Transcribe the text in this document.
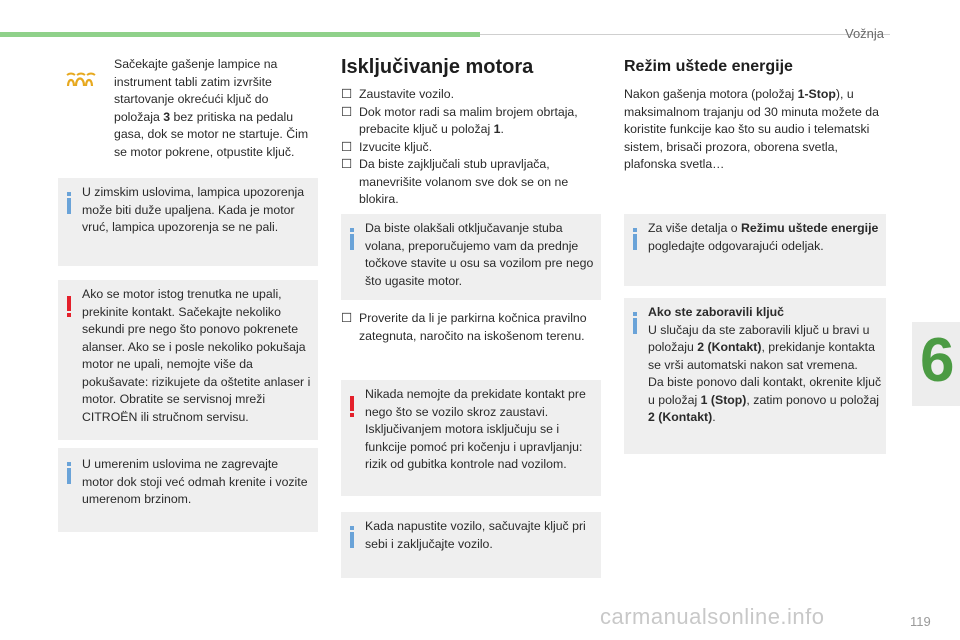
Vožnja
6
carmanualsonline.info	119

Sačekajte gašenje lampice na instrument tabli zatim izvršite startovanje okrećući ključ do položaja 3 bez pritiska na pedalu gasa, dok se motor ne startuje. Čim se motor pokrene, otpustite ključ.

U zimskim uslovima, lampica upozorenja može biti duže upaljena. Kada je motor vruć, lampica upozorenja se ne pali.

Ako se motor istog trenutka ne upali, prekinite kontakt. Sačekajte nekoliko sekundi pre nego što ponovo pokrenete alanser. Ako se i posle nekoliko pokušaja motor ne upali, nemojte više da pokušavate: rizikujete da oštetite anlaser i motor. Obratite se servisnoj mreži CITROËN ili stručnom servisu.

U umerenim uslovima ne zagrevajte motor dok stoji već odmah krenite i vozite umerenom brzinom.

Isključivanje motora
☐ Zaustavite vozilo.
☐ Dok motor radi sa malim brojem obrtaja, prebacite ključ u položaj 1.
☐ Izvucite ključ.
☐ Da biste zajključali stub upravljača, manevrišite volanom sve dok se on ne blokira.

Da biste olakšali otključavanje stuba volana, preporučujemo vam da prednje točkove stavite u osu sa vozilom pre nego što ugasite motor.

☐ Proverite da li je parkirna kočnica pravilno zategnuta, naročito na iskošenom terenu.

Nikada nemojte da prekidate kontakt pre nego što se vozilo skroz zaustavi. Isključivanjem motora isključuju se i funkcije pomoć pri kočenju i upravljanju: rizik od gubitka kontrole nad vozilom.

Kada napustite vozilo, sačuvajte ključ pri sebi i zaključajte vozilo.

Režim uštede energije

Nakon gašenja motora (položaj 1-Stop), u maksimalnom trajanju od 30 minuta možete da koristite funkcije kao što su audio i telematski sistem, brisači prozora, oborena svetla, plafonska svetla…

Za više detalja o Režimu uštede energije pogledajte odgovarajući odeljak.

Ako ste zaboravili ključ

U slučaju da ste zaboravili ključ u bravi u položaju 2 (Kontakt), prekidanje kontakta se vrši automatski nakon sat vremena.

Da biste ponovo dali kontakt, okrenite ključ u položaj 1 (Stop), zatim ponovo u položaj 2 (Kontakt).
